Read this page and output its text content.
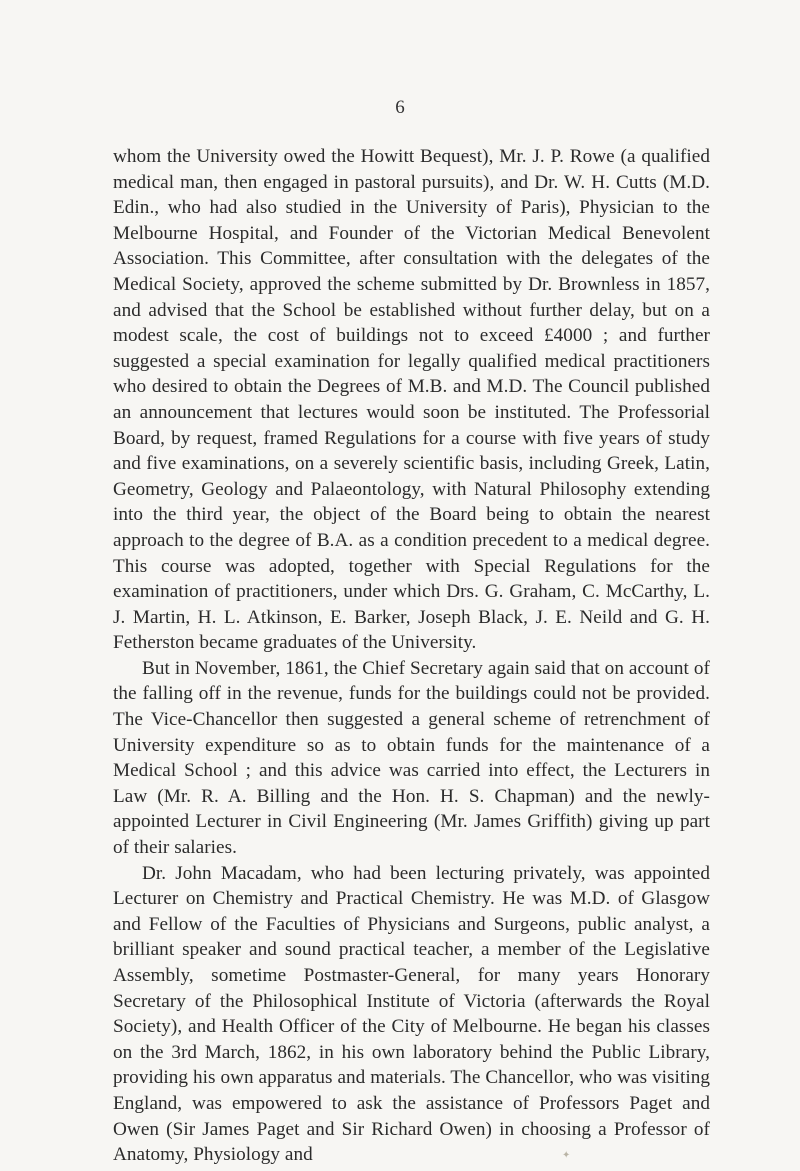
6

whom the University owed the Howitt Bequest), Mr. J. P. Rowe (a qualified medical man, then engaged in pastoral pursuits), and Dr. W. H. Cutts (M.D. Edin., who had also studied in the University of Paris), Physician to the Melbourne Hospital, and Founder of the Victorian Medical Benevolent Association. This Committee, after consultation with the delegates of the Medical Society, approved the scheme submitted by Dr. Brownless in 1857, and advised that the School be established without further delay, but on a modest scale, the cost of buildings not to exceed £4000 ; and further suggested a special examination for legally qualified medical practitioners who desired to obtain the Degrees of M.B. and M.D. The Council published an announcement that lectures would soon be instituted. The Professorial Board, by request, framed Regulations for a course with five years of study and five examinations, on a severely scientific basis, including Greek, Latin, Geometry, Geology and Palaeontology, with Natural Philosophy extending into the third year, the object of the Board being to obtain the nearest approach to the degree of B.A. as a condition precedent to a medical degree. This course was adopted, together with Special Regulations for the examination of practitioners, under which Drs. G. Graham, C. McCarthy, L. J. Martin, H. L. Atkinson, E. Barker, Joseph Black, J. E. Neild and G. H. Fetherston became graduates of the University.

But in November, 1861, the Chief Secretary again said that on account of the falling off in the revenue, funds for the buildings could not be provided. The Vice-Chancellor then suggested a general scheme of retrenchment of University expenditure so as to obtain funds for the maintenance of a Medical School ; and this advice was carried into effect, the Lecturers in Law (Mr. R. A. Billing and the Hon. H. S. Chapman) and the newly-appointed Lecturer in Civil Engineering (Mr. James Griffith) giving up part of their salaries.

Dr. John Macadam, who had been lecturing privately, was appointed Lecturer on Chemistry and Practical Chemistry. He was M.D. of Glasgow and Fellow of the Faculties of Physicians and Surgeons, public analyst, a brilliant speaker and sound practical teacher, a member of the Legislative Assembly, sometime Postmaster-General, for many years Honorary Secretary of the Philosophical Institute of Victoria (afterwards the Royal Society), and Health Officer of the City of Melbourne. He began his classes on the 3rd March, 1862, in his own laboratory behind the Public Library, providing his own apparatus and materials. The Chancellor, who was visiting England, was empowered to ask the assistance of Professors Paget and Owen (Sir James Paget and Sir Richard Owen) in choosing a Professor of Anatomy, Physiology and	✦
